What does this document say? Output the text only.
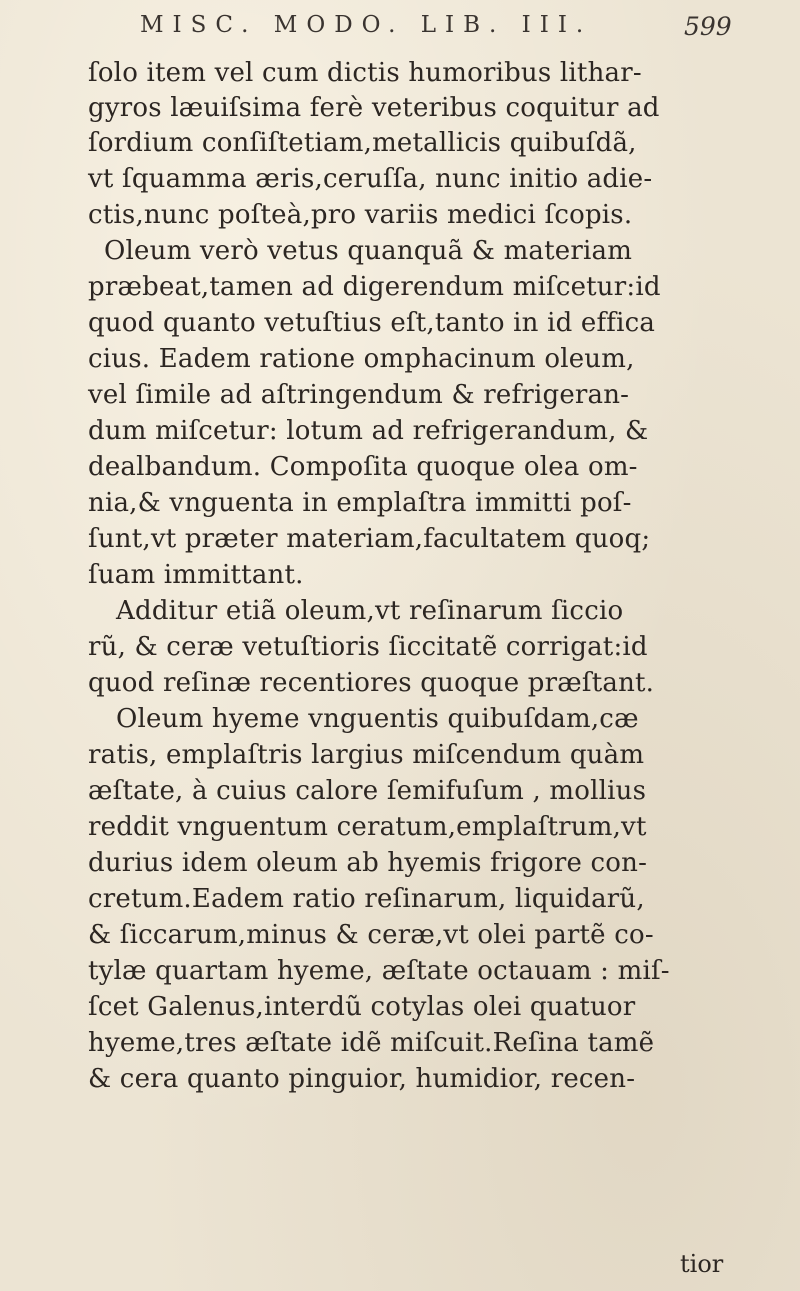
MISC. MODO. LIB. III.	599
ſolo item vel cum dictis humoribus lithar-
gyros læuiſsima ferè veteribus coquitur ad
ſordium conſiſtetiam,metallicis quibuſdã,
vt ſquamma æris,ceruſſa, nunc initio adie-
ctis,nunc poſteà,pro variis medici ſcopis.
Oleum verò vetus quanquã & materiam
præbeat,tamen ad digerendum miſcetur:id
quod quanto vetuſtius eſt,tanto in id effica
cius. Eadem ratione omphacinum oleum,
vel ſimile ad aſtringendum & refrigeran-
dum miſcetur: lotum ad refrigerandum, &
dealbandum. Compoſita quoque olea om-
nia,& vnguenta in emplaſtra immitti poſ-
ſunt,vt præter materiam,facultatem quoq;
ſuam immittant.
Additur etiã oleum,vt reſinarum ſiccio
rũ, & ceræ vetuſtioris ſiccitatẽ corrigat:id
quod reſinæ recentiores quoque præſtant.
Oleum hyeme vnguentis quibuſdam,cæ
ratis, emplaſtris largius miſcendum quàm
æſtate, à cuius calore ſemifuſum , mollius
reddit vnguentum ceratum,emplaſtrum,vt
durius idem oleum ab hyemis frigore con-
cretum.Eadem ratio reſinarum, liquidarũ,
& ſiccarum,minus & ceræ,vt olei partẽ co-
tylæ quartam hyeme, æſtate octauam : miſ-
ſcet Galenus,interdũ cotylas olei quatuor
hyeme,tres æſtate idẽ miſcuit.Reſina tamẽ
& cera quanto pinguior, humidior, recen-
tior
